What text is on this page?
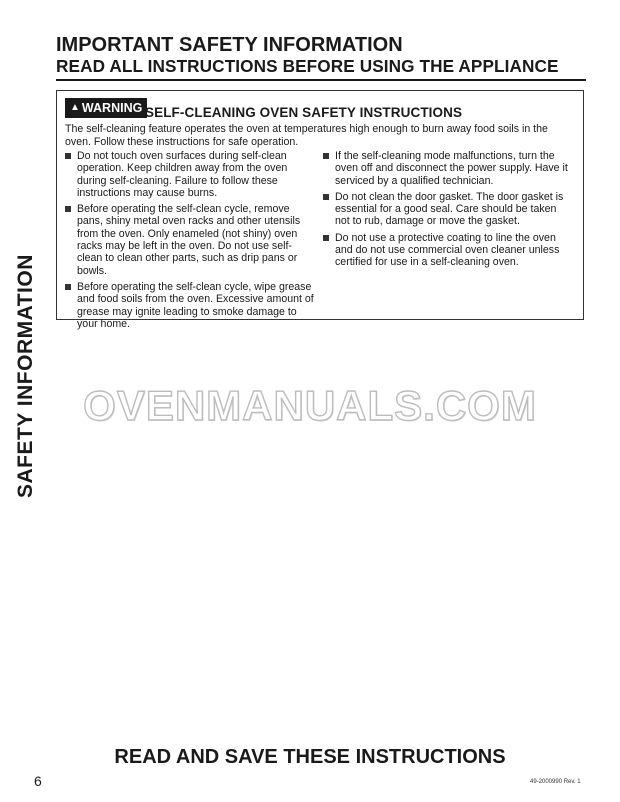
SAFETY INFORMATION
IMPORTANT SAFETY INFORMATION
READ ALL INSTRUCTIONS BEFORE USING THE APPLIANCE
▲ WARNING SELF-CLEANING OVEN SAFETY INSTRUCTIONS
The self-cleaning feature operates the oven at temperatures high enough to burn away food soils in the oven. Follow these instructions for safe operation.
Do not touch oven surfaces during self-clean operation. Keep children away from the oven during self-cleaning. Failure to follow these instructions may cause burns.
Before operating the self-clean cycle, remove pans, shiny metal oven racks and other utensils from the oven. Only enameled (not shiny) oven racks may be left in the oven. Do not use self-clean to clean other parts, such as drip pans or bowls.
Before operating the self-clean cycle, wipe grease and food soils from the oven. Excessive amount of grease may ignite leading to smoke damage to your home.
If the self-cleaning mode malfunctions, turn the oven off and disconnect the power supply. Have it serviced by a qualified technician.
Do not clean the door gasket. The door gasket is essential for a good seal. Care should be taken not to rub, damage or move the gasket.
Do not use a protective coating to line the oven and do not use commercial oven cleaner unless certified for use in a self-cleaning oven.
OVENMANUALS.COM
READ AND SAVE THESE INSTRUCTIONS
6	49-2000990 Rev. 1
